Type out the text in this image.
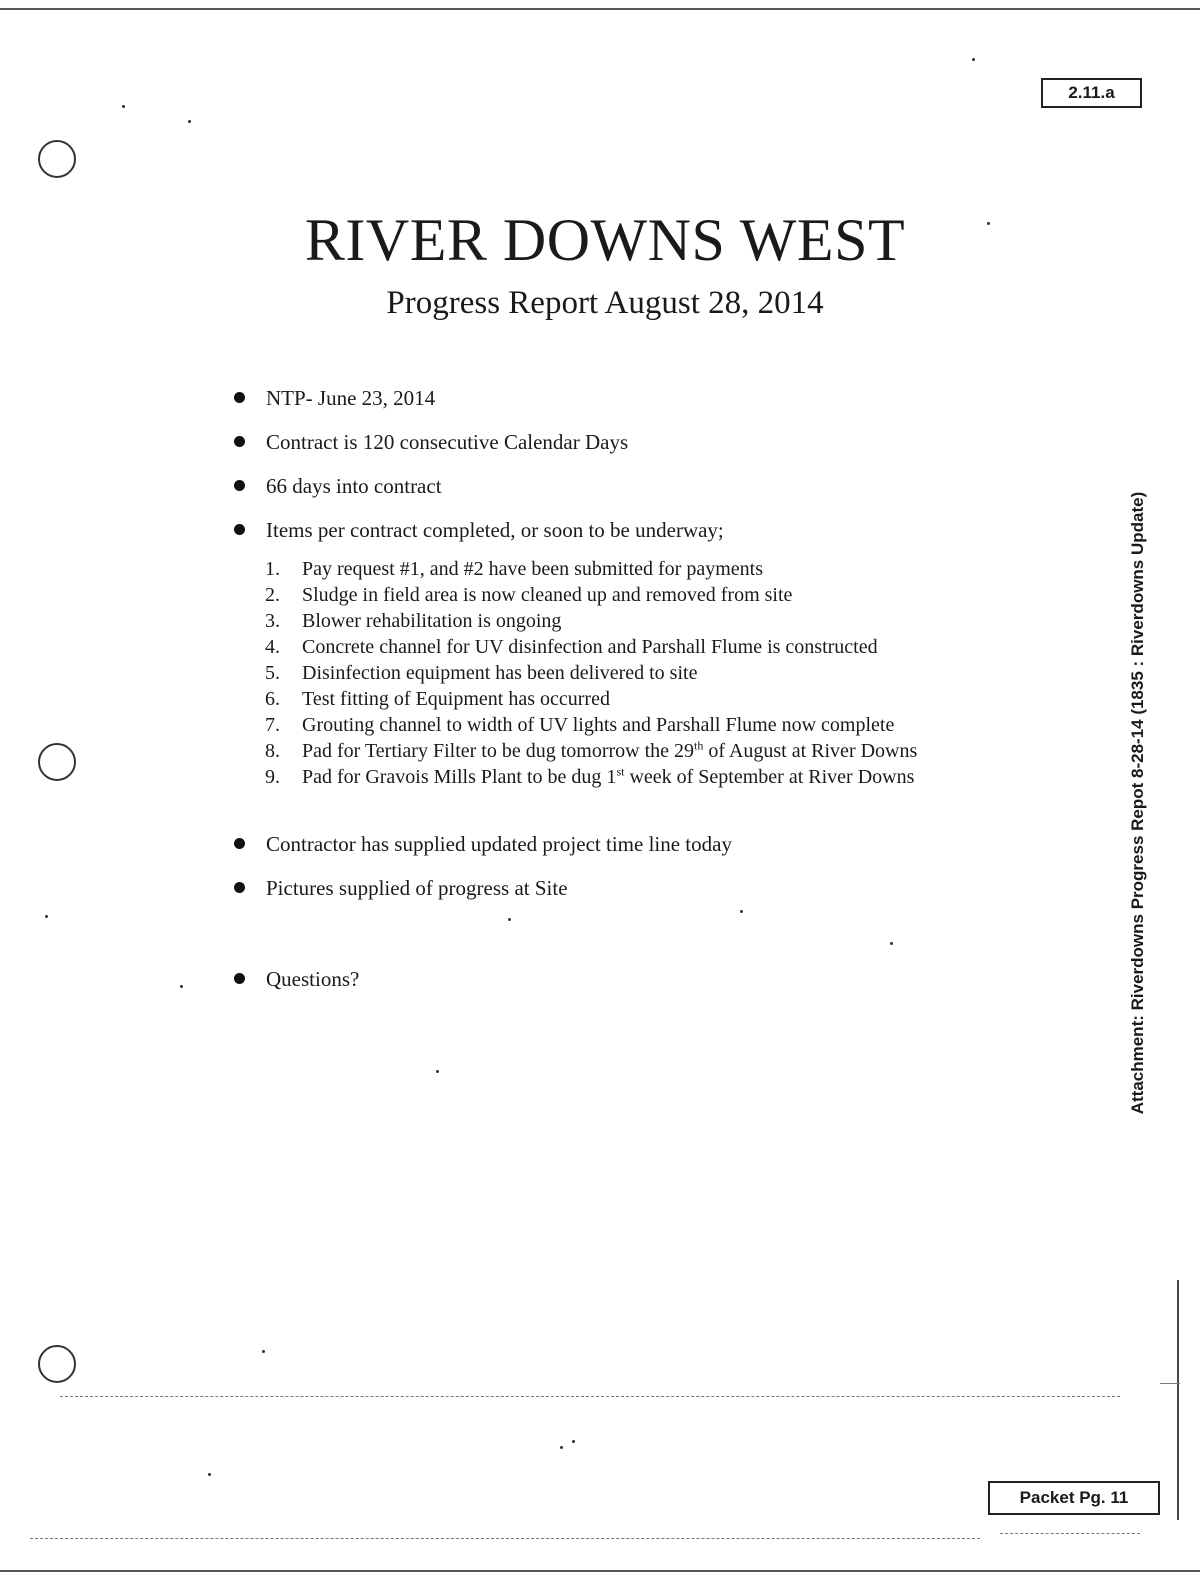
2.11.a
RIVER DOWNS WEST
Progress Report August 28, 2014
NTP- June 23, 2014
Contract is 120 consecutive Calendar Days
66 days into contract
Items per contract completed, or soon to be underway;
1. Pay request #1, and #2 have been submitted for payments
2. Sludge in field area is now cleaned up and removed from site
3. Blower rehabilitation is ongoing
4. Concrete channel for UV disinfection and Parshall Flume is constructed
5. Disinfection equipment has been delivered to site
6. Test fitting of Equipment has occurred
7. Grouting channel to width of UV lights and Parshall Flume now complete
8. Pad for Tertiary Filter to be dug tomorrow the 29th of August at River Downs
9. Pad for Gravois Mills Plant to be dug 1st week of September at River Downs
Contractor has supplied updated project time line today
Pictures supplied of progress at Site
Questions?	Attachment: Riverdowns Progress Repot 8-28-14 (1835 : Riverdowns Update)
Packet Pg. 11
